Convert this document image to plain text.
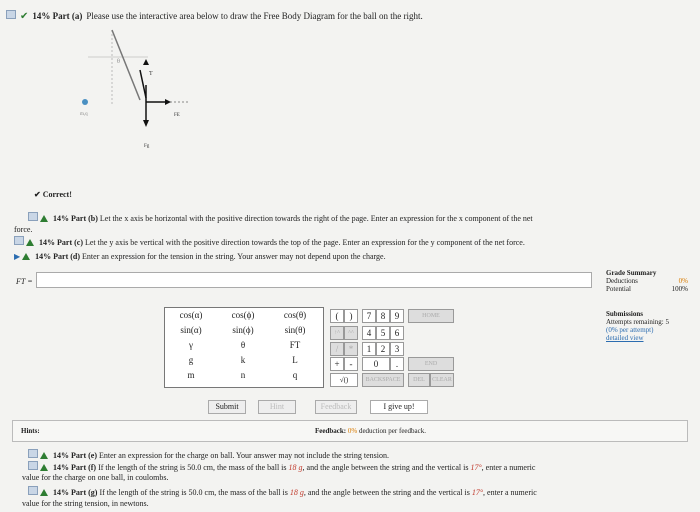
✔ 14% Part (a) Please use the interactive area below to draw the Free Body Diagram for the ball on the right.
T
FE
Fg
m,q
θ
✔ Correct!
14% Part (b) Let the x axis be horizontal with the positive direction towards the right of the page. Enter an expression for the x component of the net
force.
14% Part (c) Let the y axis be vertical with the positive direction towards the top of the page. Enter an expression for the y component of the net force.
▶ 14% Part (d) Enter an expression for the tension in the string. Your answer may not depend upon the charge.
FT =
Grade Summary
Deductions	0%
Potential	100%
Submissions
Attempts remaining: 5
(0% per attempt)
detailed view
cos(α)	cos(ϕ)	cos(θ)
sin(α)	sin(ϕ)	sin(θ)
γ	θ	FT
g	k	L
m	n	q
(	)
↑^	^^
/	*
+	-
√()
7	8	9
4	5	6
1	2	3
0	.
BACKSPACE
HOME
END
DEL	CLEAR
Submit	Hint	Feedback	I give up!
Hints:	Feedback: 0% deduction per feedback.
14% Part (e) Enter an expression for the charge on ball. Your answer may not include the string tension.
14% Part (f) If the length of the string is 50.0 cm, the mass of the ball is 18 g, and the angle between the string and the vertical is 17°, enter a numeric
value for the charge on one ball, in coulombs.
14% Part (g) If the length of the string is 50.0 cm, the mass of the ball is 18 g, and the angle between the string and the vertical is 17°, enter a numeric
value for the string tension, in newtons.
